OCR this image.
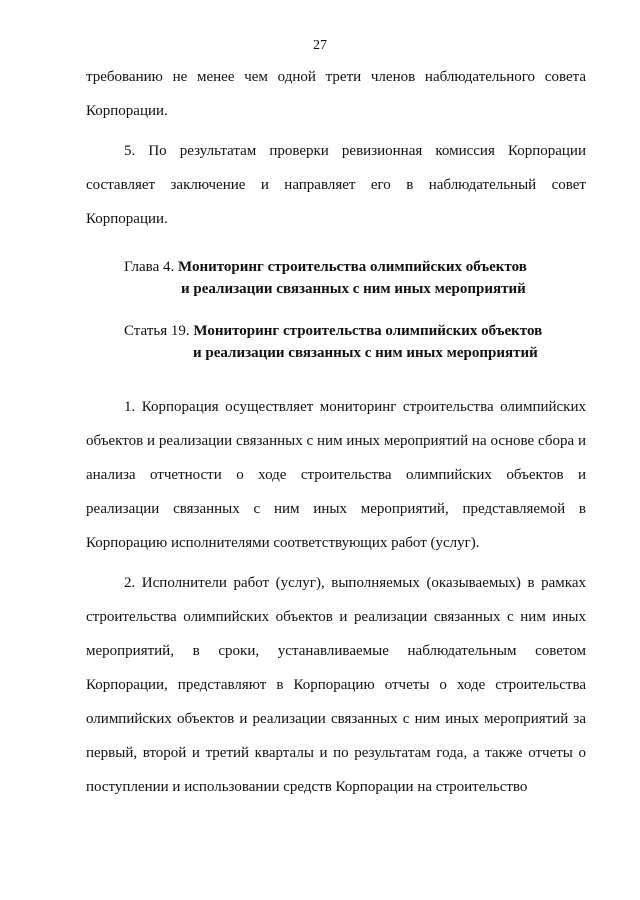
27

требованию не менее чем одной трети членов наблюдательного совета Корпорации.

5. По результатам проверки ревизионная комиссия Корпорации составляет заключение и направляет его в наблюдательный совет Корпорации.

Глава 4. Мониторинг строительства олимпийских объектов
и реализации связанных с ним иных мероприятий
Статья 19. Мониторинг строительства олимпийских объектов
и реализации связанных с ним иных мероприятий

1. Корпорация осуществляет мониторинг строительства олимпийских объектов и реализации связанных с ним иных мероприятий на основе сбора и анализа отчетности о ходе строительства олимпийских объектов и реализации связанных с ним иных мероприятий, представляемой в Корпорацию исполнителями соответствующих работ (услуг).

2. Исполнители работ (услуг), выполняемых (оказываемых) в рамках строительства олимпийских объектов и реализации связанных с ним иных мероприятий, в сроки, устанавливаемые наблюдательным советом Корпорации, представляют в Корпорацию отчеты о ходе строительства олимпийских объектов и реализации связанных с ним иных мероприятий за первый, второй и третий кварталы и по результатам года, а также отчеты о поступлении и использовании средств Корпорации на строительство
